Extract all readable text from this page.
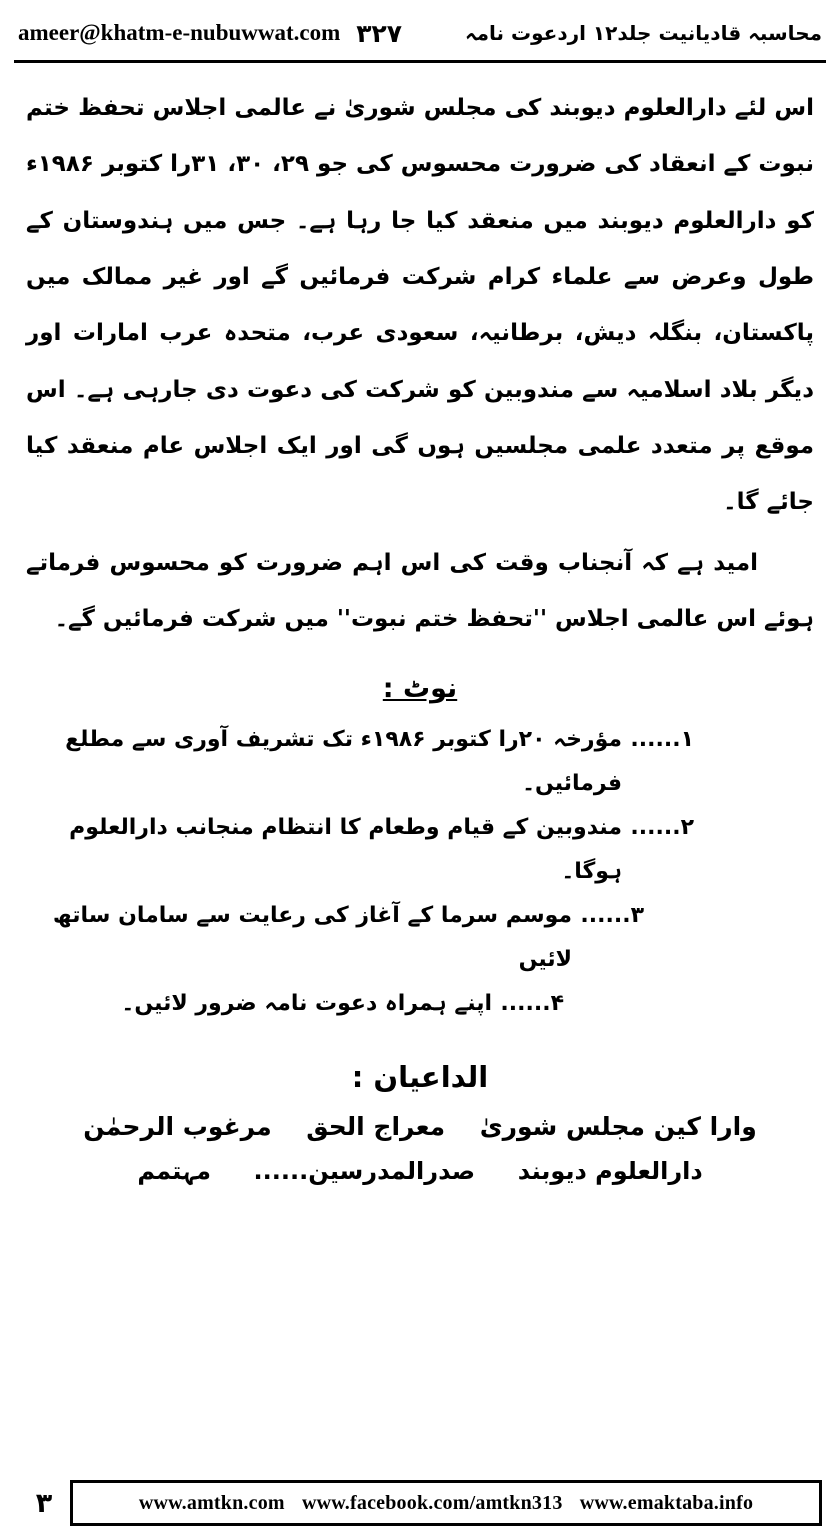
محاسبہ قادیانیت جلد۱۲ اردعوت نامہ
ameer@khatm-e-nubuwwat.com ۳۲۷

اس لئے دارالعلوم دیوبند کی مجلس شوریٰ نے عالمی اجلاس تحفظ ختم نبوت کے انعقاد کی ضرورت محسوس کی جو ۲۹، ۳۰، ۳۱را کتوبر ۱۹۸۶ء کو دارالعلوم دیوبند میں منعقد کیا جا رہا ہے۔ جس میں ہندوستان کے طول وعرض سے علماء کرام شرکت فرمائیں گے اور غیر ممالک میں پاکستان، بنگلہ دیش، برطانیہ، سعودی عرب، متحدہ عرب امارات اور دیگر بلاد اسلامیہ سے مندوبین کو شرکت کی دعوت دی جارہی ہے۔ اس موقع پر متعدد علمی مجلسیں ہوں گی اور ایک اجلاس عام منعقد کیا جائے گا۔

امید ہے کہ آنجناب وقت کی اس اہم ضرورت کو محسوس فرماتے ہوئے اس عالمی اجلاس ''تحفظ ختم نبوت'' میں شرکت فرمائیں گے۔

نوٹ :
۱......
مؤرخہ ۲۰را کتوبر ۱۹۸۶ء تک تشریف آوری سے مطلع فرمائیں۔
۲......
مندوبین کے قیام وطعام کا انتظام منجانب دارالعلوم ہوگا۔
۳......
موسم سرما کے آغاز کی رعایت سے سامان ساتھ لائیں
۴......
اپنے ہمراہ دعوت نامہ ضرور لائیں۔
الداعیان :
وارا کین مجلس شوریٰ
معراج الحق
مرغوب الرحمٰن
دارالعلوم دیوبند
صدرالمدرسین......
مہتمم
۳	www.amtkn.com www.facebook.com/amtkn313 www.emaktaba.info
